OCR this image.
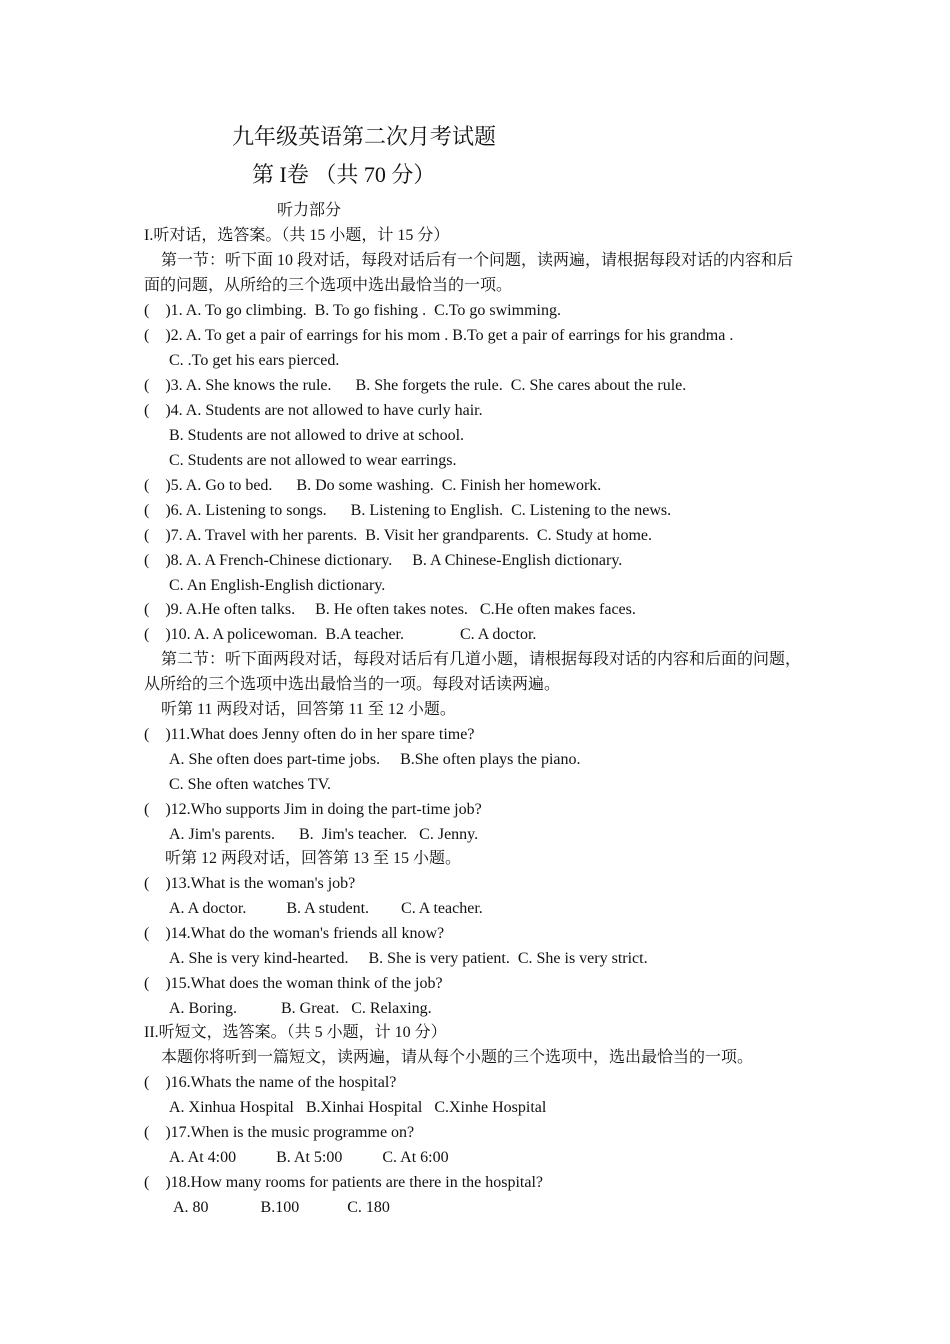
九年级英语第二次月考试题
第 I卷 （共 70 分）
听力部分
I.听对话，选答案。（共 15 小题，计 15 分）
第一节：听下面 10 段对话，每段对话后有一个问题，读两遍，请根据每段对话的内容和后
面的问题，从所给的三个选项中选出最恰当的一项。
(    )1. A. To go climbing.  B. To go fishing .  C.To go swimming.
(    )2. A. To get a pair of earrings for his mom . B.To get a pair of earrings for his grandma .
C. .To get his ears pierced.
(    )3. A. She knows the rule.      B. She forgets the rule.  C. She cares about the rule.
(    )4. A. Students are not allowed to have curly hair.
B. Students are not allowed to drive at school.
C. Students are not allowed to wear earrings.
(    )5. A. Go to bed.      B. Do some washing.  C. Finish her homework.
(    )6. A. Listening to songs.      B. Listening to English.  C. Listening to the news.
(    )7. A. Travel with her parents.  B. Visit her grandparents.  C. Study at home.
(    )8. A. A French-Chinese dictionary.     B. A Chinese-English dictionary.
C. An English-English dictionary.
(    )9. A.He often talks.     B. He often takes notes.   C.He often makes faces.
(    )10. A. A policewoman.  B.A teacher.              C. A doctor.
第二节：听下面两段对话，每段对话后有几道小题，请根据每段对话的内容和后面的问题，
从所给的三个选项中选出最恰当的一项。每段对话读两遍。
听第 11 两段对话，回答第 11 至 12 小题。
(    )11.What does Jenny often do in her spare time?
A. She often does part-time jobs.     B.She often plays the piano.
C. She often watches TV.
(    )12.Who supports Jim in doing the part-time job?
A. Jim's parents.      B.  Jim's teacher.   C. Jenny.
听第 12 两段对话，回答第 13 至 15 小题。
(    )13.What is the woman's job?
A. A doctor.          B. A student.        C. A teacher.
(    )14.What do the woman's friends all know?
A. She is very kind-hearted.     B. She is very patient.  C. She is very strict.
(    )15.What does the woman think of the job?
A. Boring.           B. Great.   C. Relaxing.
II.听短文，选答案。（共 5 小题，计 10 分）
本题你将听到一篇短文，读两遍，请从每个小题的三个选项中，选出最恰当的一项。
(    )16.Whats the name of the hospital?
A. Xinhua Hospital   B.Xinhai Hospital   C.Xinhe Hospital
(    )17.When is the music programme on?
A. At 4:00          B. At 5:00          C. At 6:00
(    )18.How many rooms for patients are there in the hospital?
A. 80             B.100            C. 180
